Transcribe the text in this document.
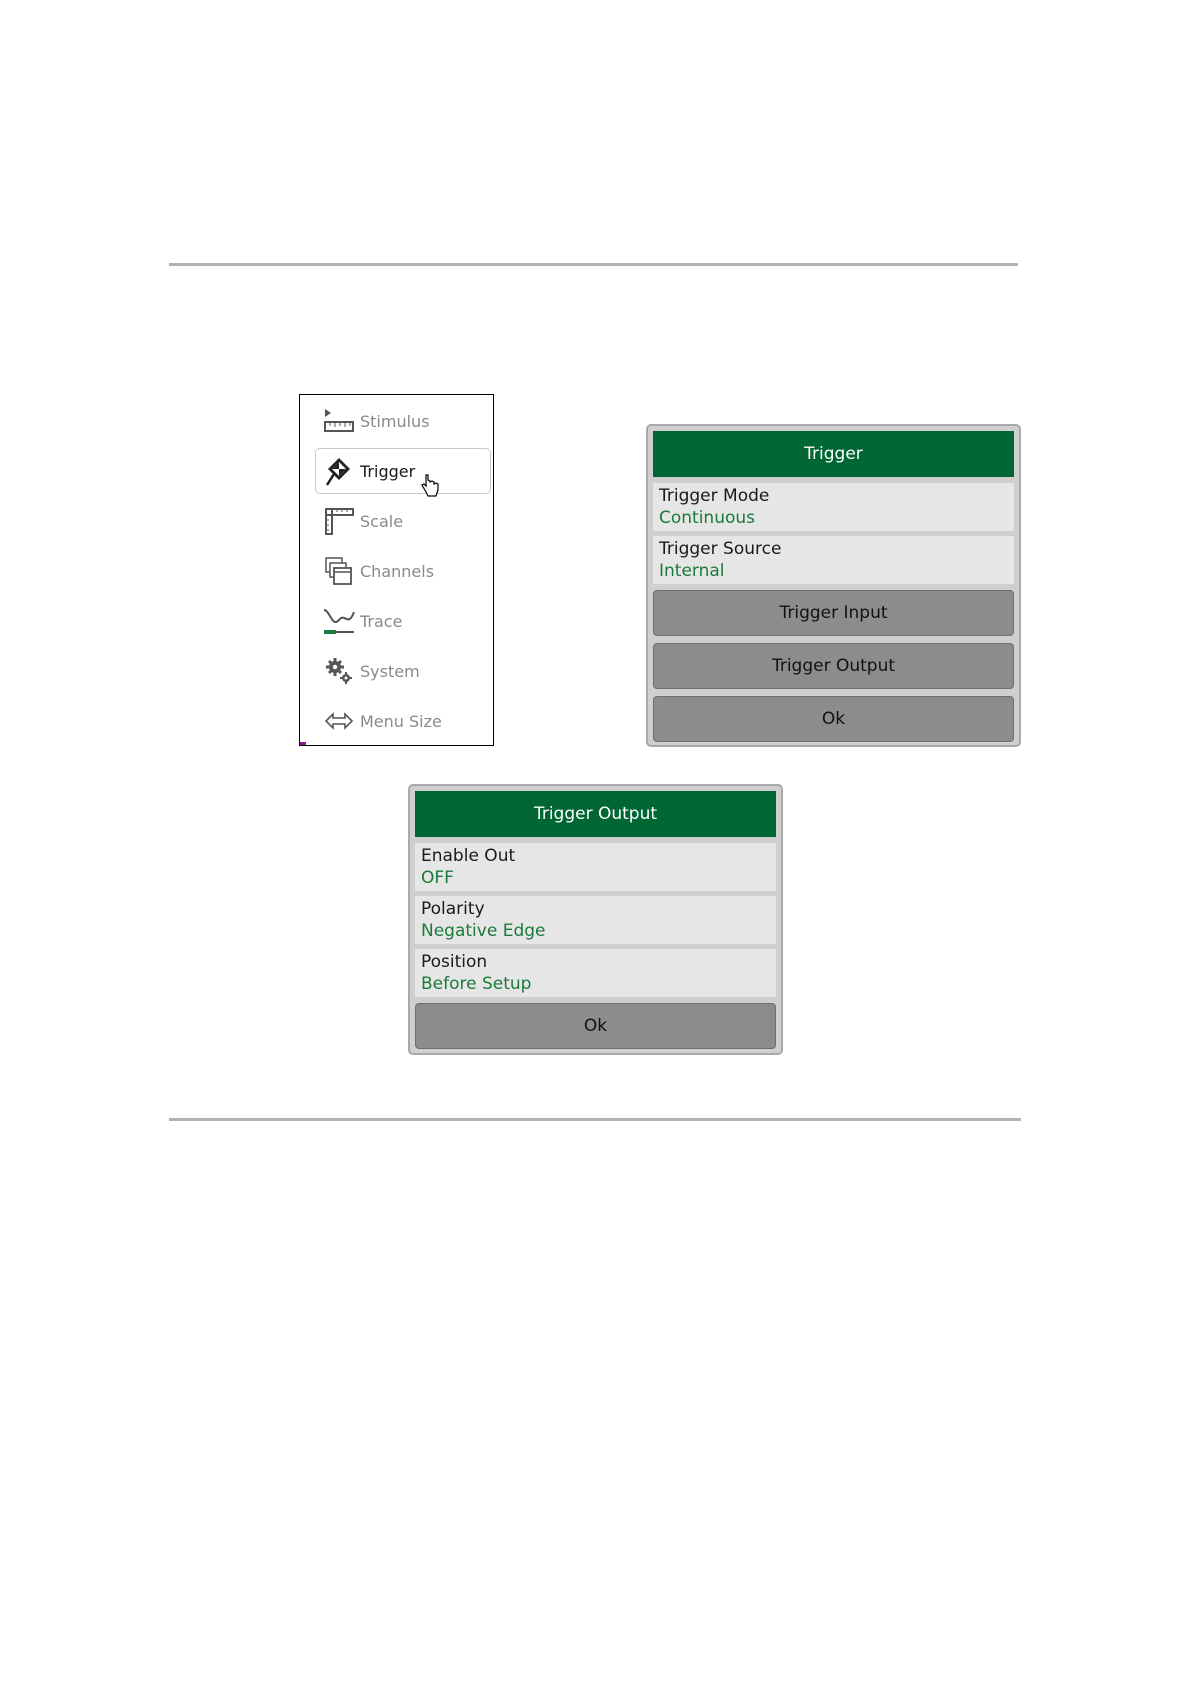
Stimulus
Trigger
Scale
Channels
Trace
System
Menu Size
Trigger
Trigger Mode
Continuous
Trigger Source
Internal
Trigger Input
Trigger Output
Ok
Trigger Output
Enable Out
OFF
Polarity
Negative Edge
Position
Before Setup
Ok
